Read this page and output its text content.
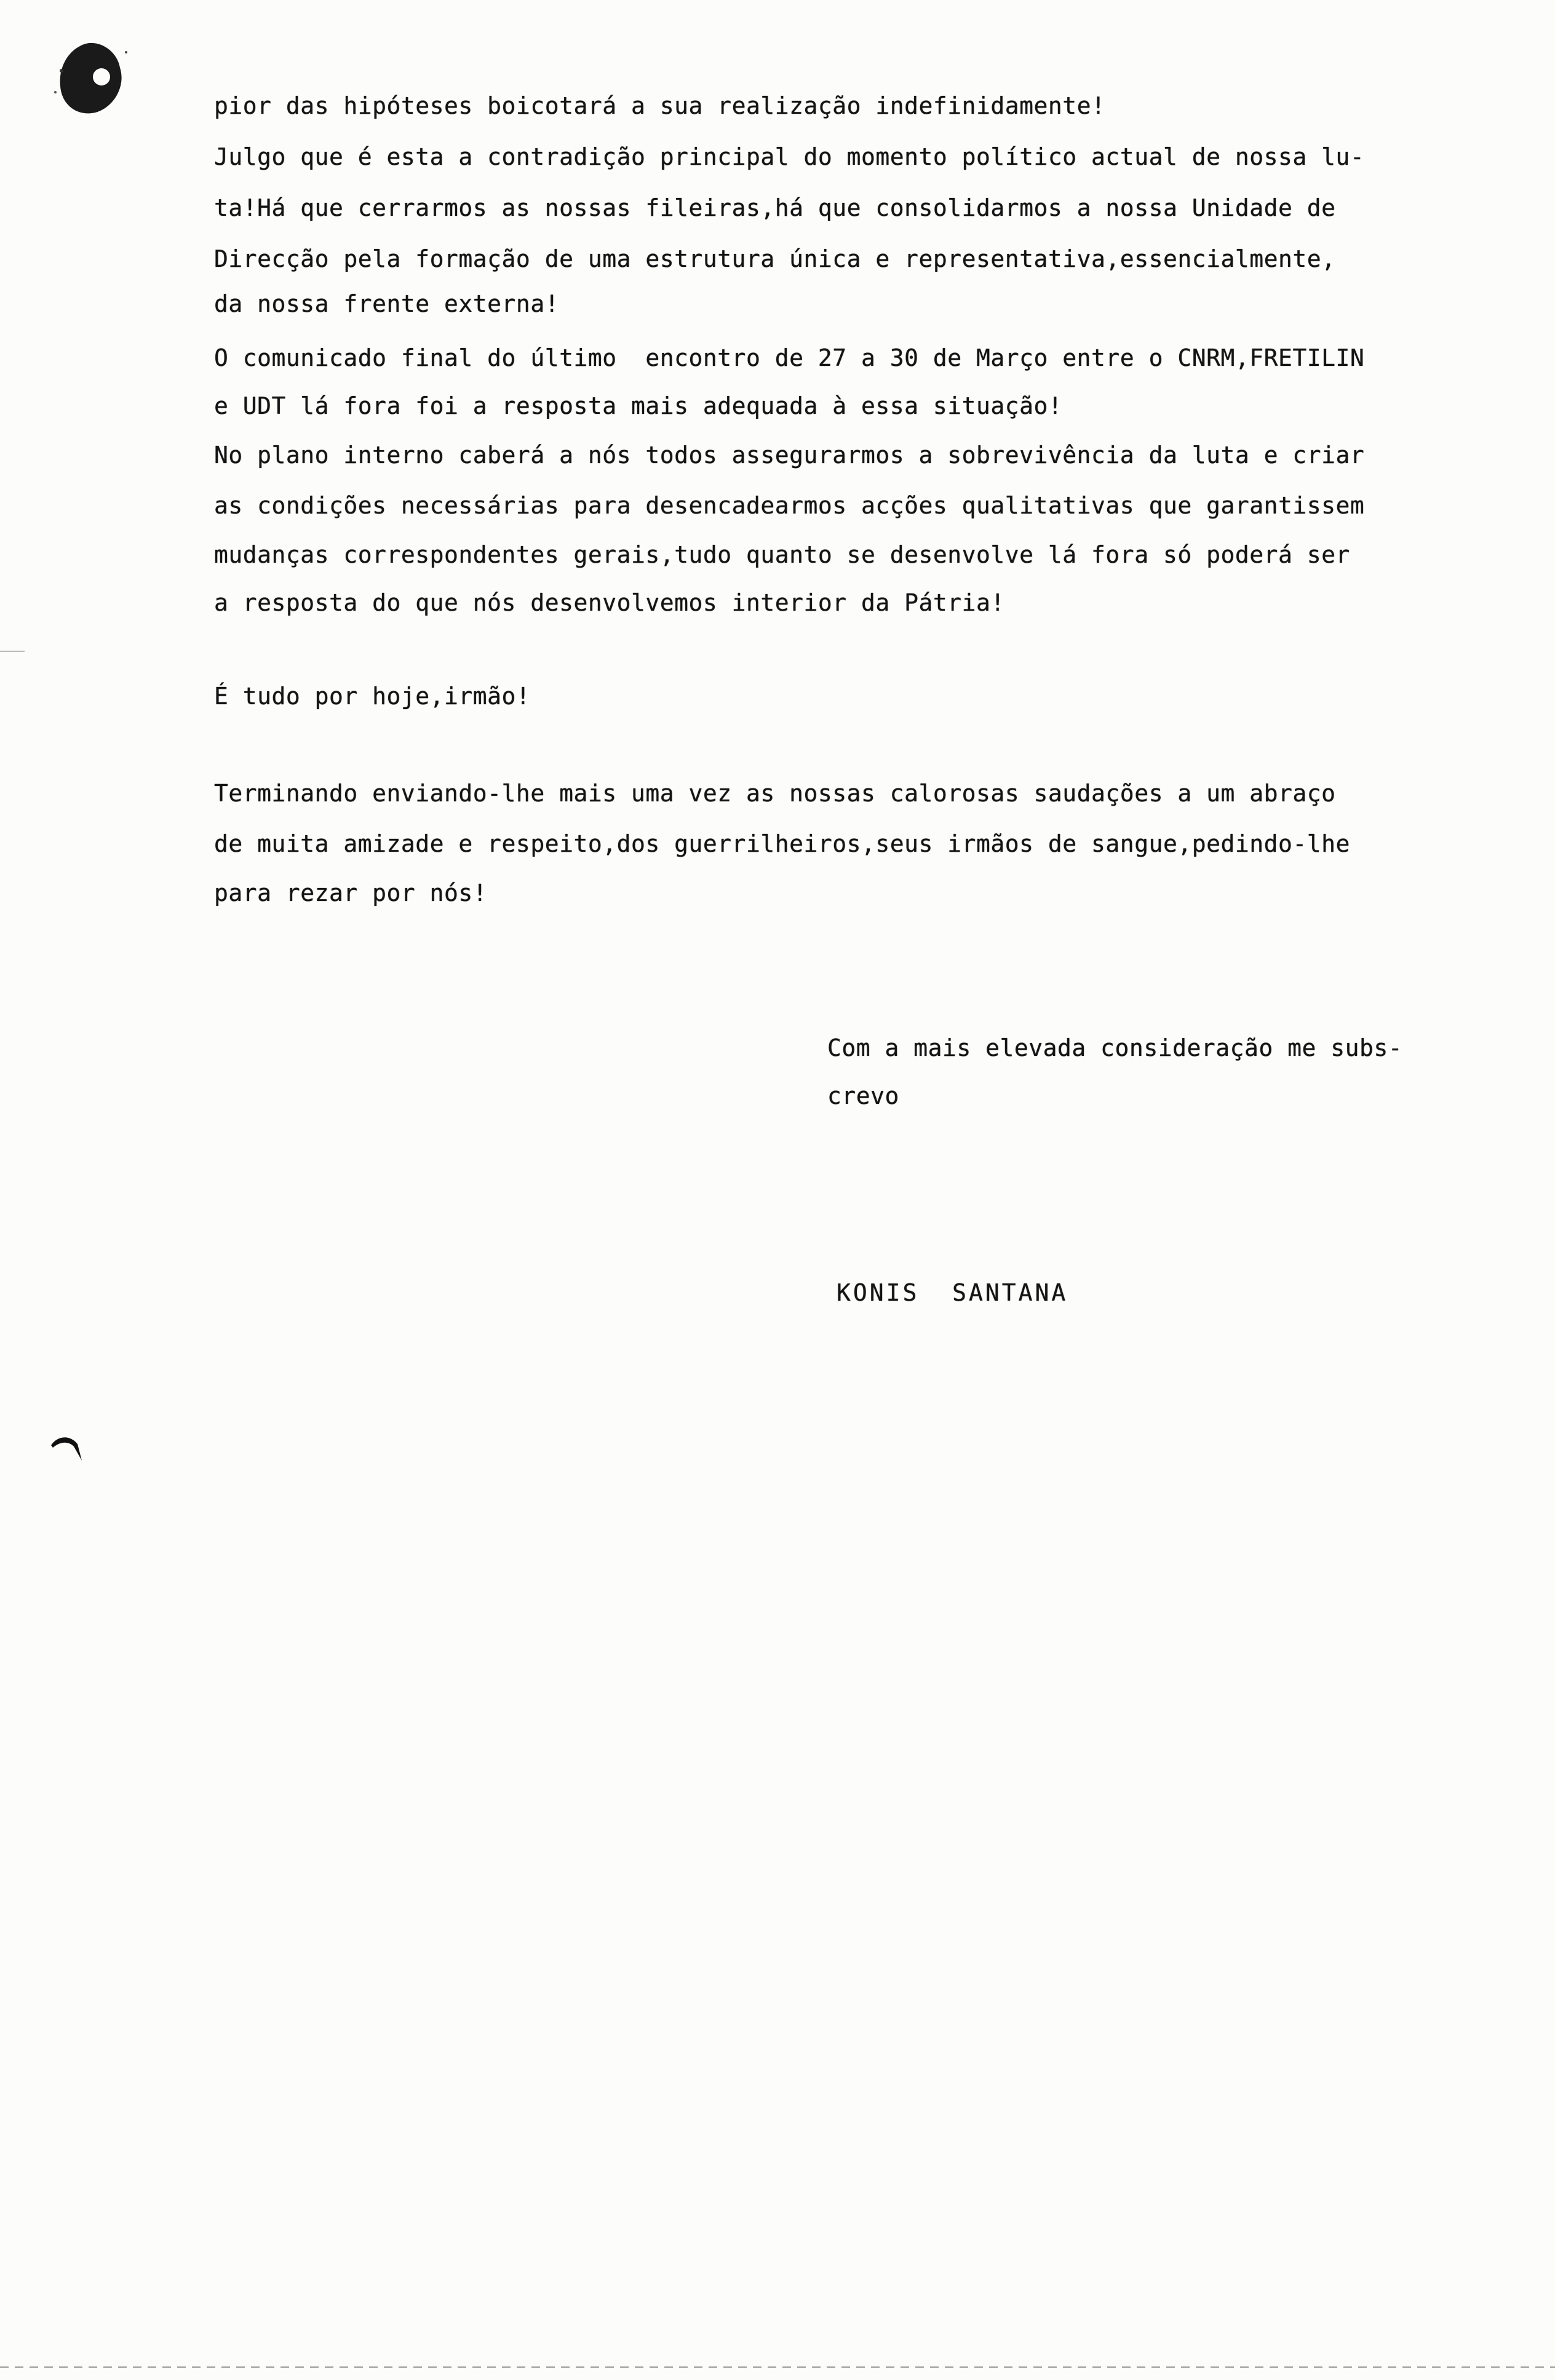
pior das hipóteses boicotará a sua realização indefinidamente!
Julgo que é esta a contradição principal do momento político actual de nossa lu-
ta!Há que cerrarmos as nossas fileiras,há que consolidarmos a nossa Unidade de
Direcção pela formação de uma estrutura única e representativa,essencialmente,
da nossa frente externa!
O comunicado final do último  encontro de 27 a 30 de Março entre o CNRM,FRETILIN
e UDT lá fora foi a resposta mais adequada à essa situação!
No plano interno caberá a nós todos assegurarmos a sobrevivência da luta e criar
as condições necessárias para desencadearmos acções qualitativas que garantissem
mudanças correspondentes gerais,tudo quanto se desenvolve lá fora só poderá ser
a resposta do que nós desenvolvemos interior da Pátria!
É tudo por hoje,irmão!
Terminando enviando-lhe mais uma vez as nossas calorosas saudações a um abraço
de muita amizade e respeito,dos guerrilheiros,seus irmãos de sangue,pedindo-lhe
para rezar por nós!
Com a mais elevada consideração me subs-
crevo
KONIS  SANTANA
